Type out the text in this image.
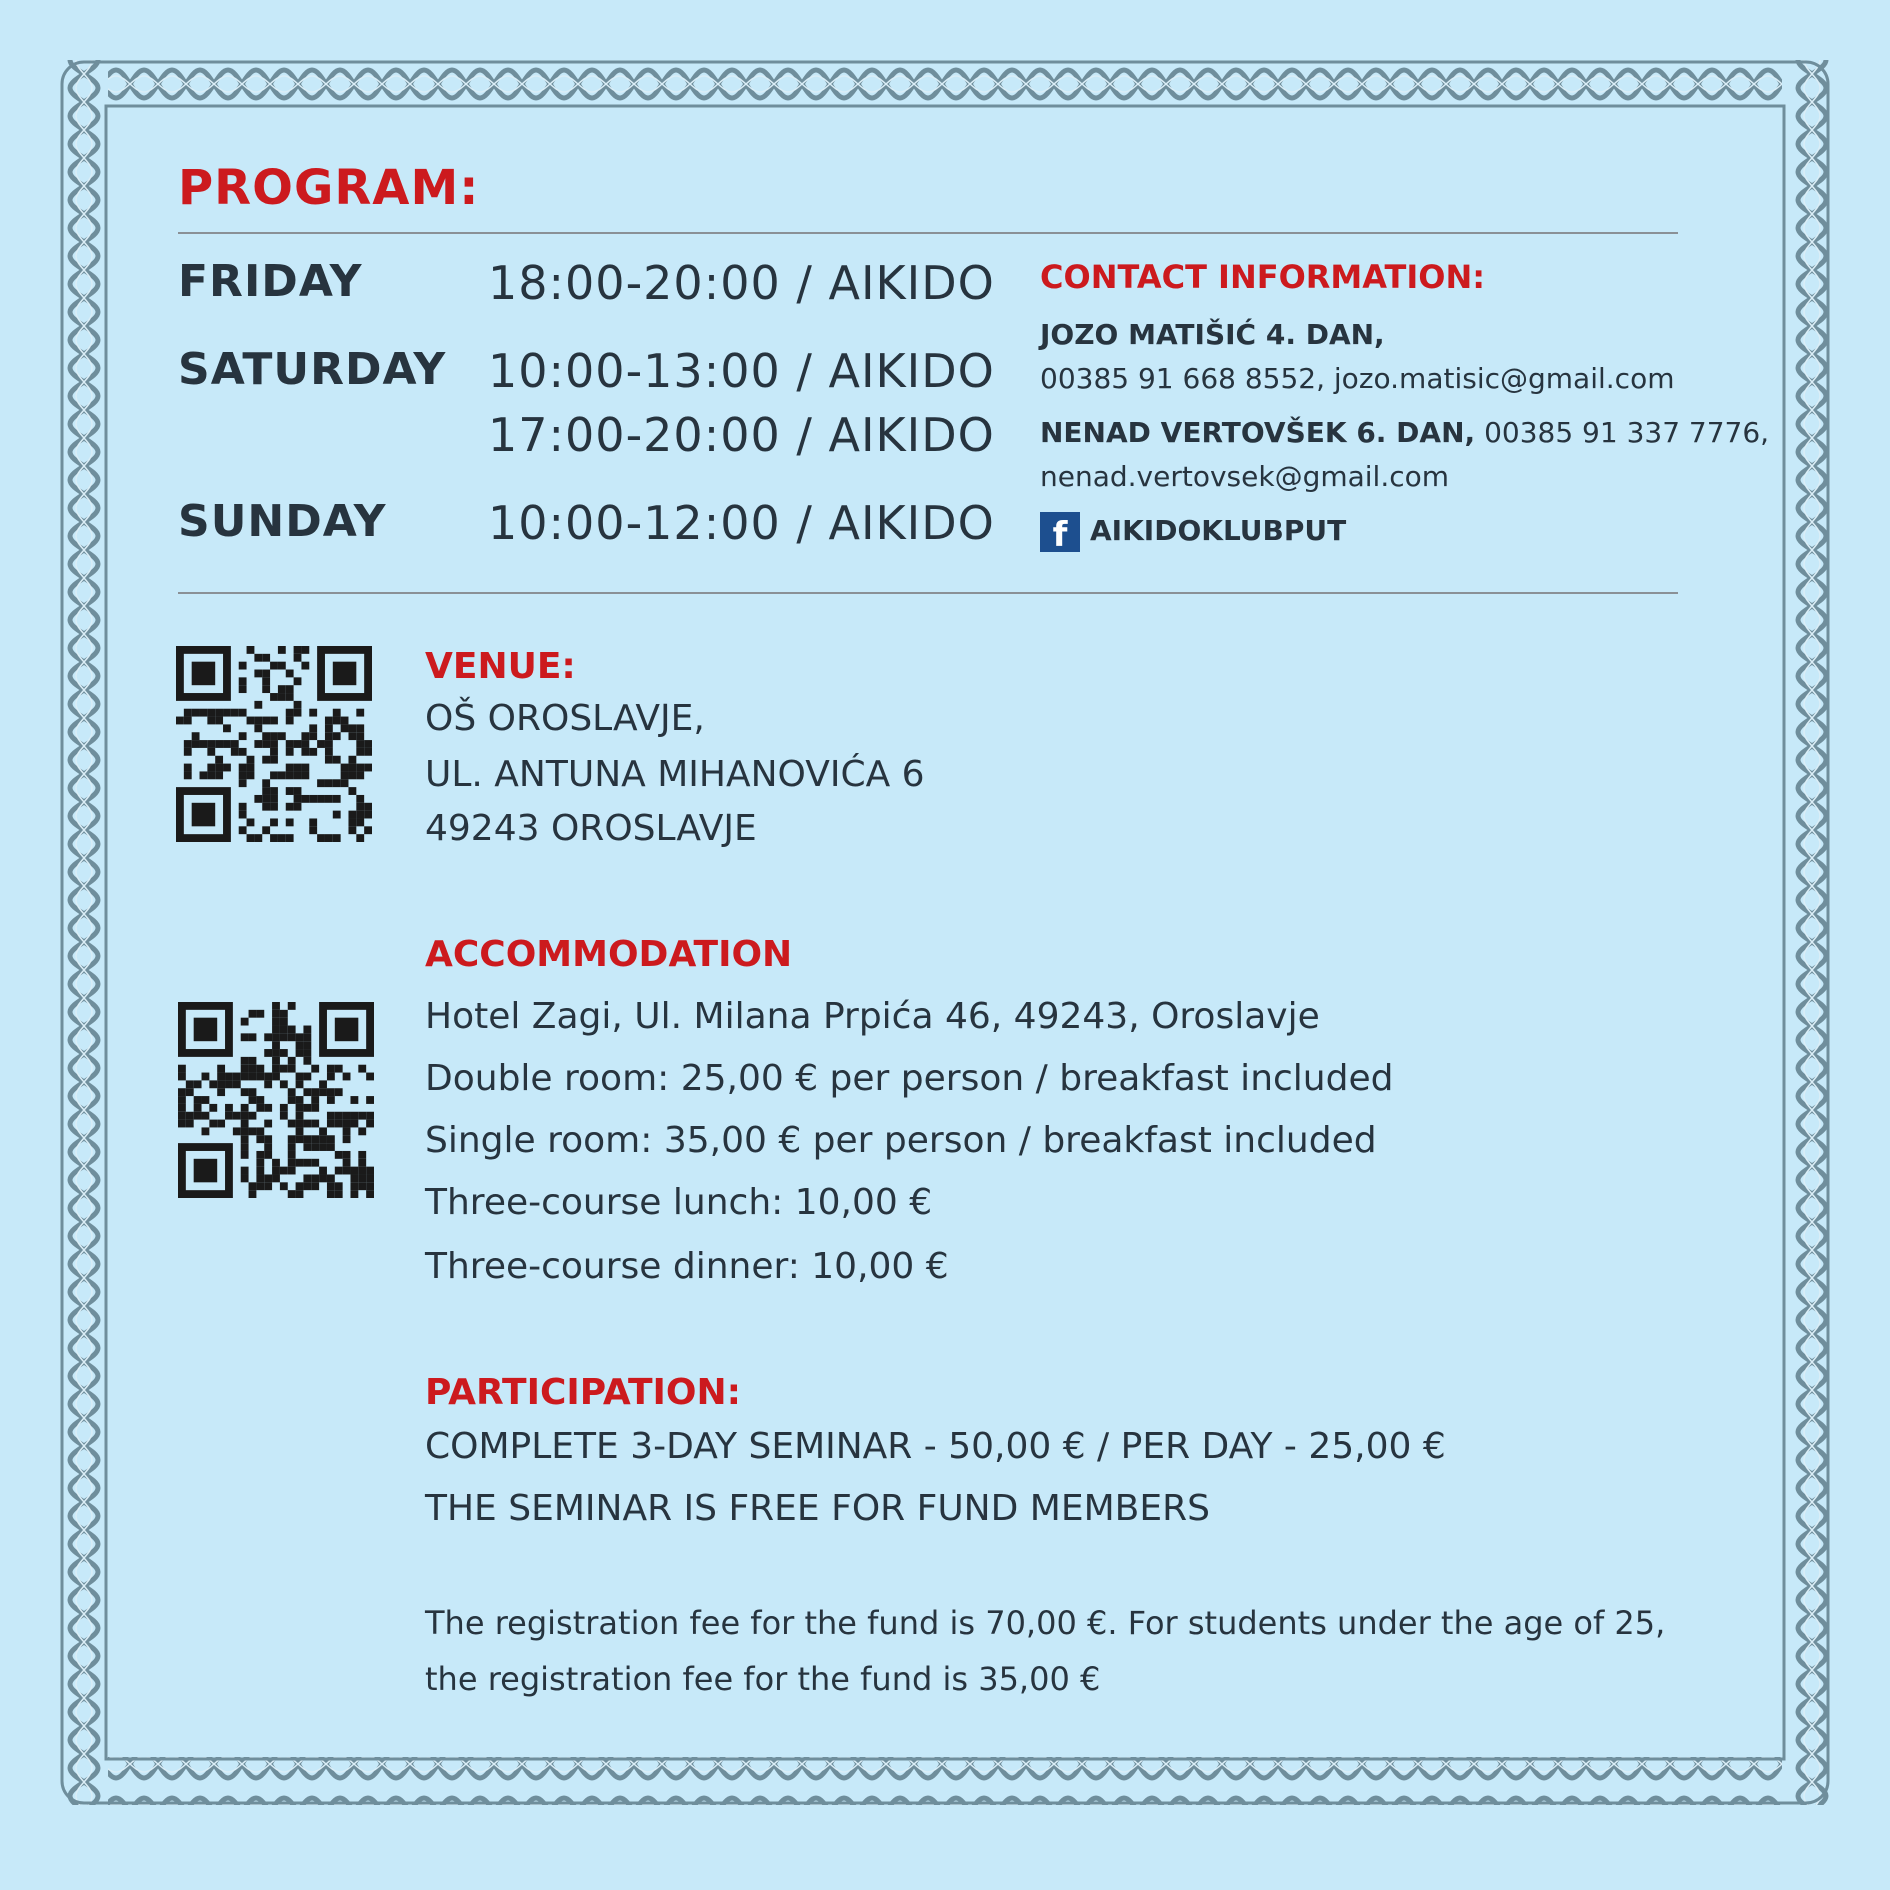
PROGRAM:
FRIDAY	18:00-20:00 / AIKIDO
SATURDAY 10:00-13:00 / AIKIDO
17:00-20:00 / AIKIDO
SUNDAY 10:00-12:00 / AIKIDO
CONTACT INFORMATION:
JOZO MATIŠIĆ 4. DAN,
00385 91 668 8552, jozo.matisic@gmail.com
NENAD VERTOVŠEK 6. DAN, 00385 91 337 7776,
nenad.vertovsek@gmail.com
f AIKIDOKLUBPUT
VENUE:
OŠ OROSLAVJE,
UL. ANTUNA MIHANOVIĆA 6
49243 OROSLAVJE
ACCOMMODATION
Hotel Zagi, Ul. Milana Prpića 46, 49243, Oroslavje
Double room: 25,00 € per person / breakfast included
Single room: 35,00 € per person / breakfast included
Three-course lunch: 10,00 €
Three-course dinner: 10,00 €
PARTICIPATION:
COMPLETE 3-DAY SEMINAR - 50,00 € / PER DAY - 25,00 €
THE SEMINAR IS FREE FOR FUND MEMBERS
The registration fee for the fund is 70,00 €. For students under the age of 25,
the registration fee for the fund is 35,00 €
